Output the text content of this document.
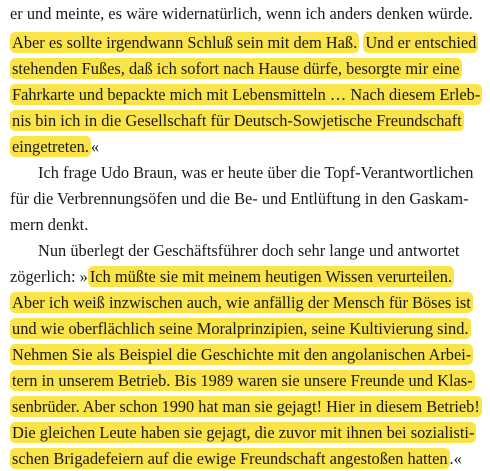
er und meinte, es wäre widernatürlich, wenn ich anders denken würde.
Aber es sollte irgendwann Schluß sein mit dem Haß. Und er entschied
stehenden Fußes, daß ich sofort nach Hause dürfe, besorgte mir eine
Fahrkarte und bepackte mich mit Lebensmitteln … Nach diesem Erleb-
nis bin ich in die Gesellschaft für Deutsch-Sowjetische Freundschaft
eingetreten. «
Ich frage Udo Braun, was er heute über die Topf-Verantwortlichen
für die Verbrennungsöfen und die Be- und Entlüftung in den Gaskam-
mern denkt.
Nun überlegt der Geschäftsführer doch sehr lange und antwortet
zögerlich: » Ich müßte sie mit meinem heutigen Wissen verurteilen.
Aber ich weiß inzwischen auch, wie anfällig der Mensch für Böses ist
und wie oberflächlich seine Moralprinzipien, seine Kultivierung sind.
Nehmen Sie als Beispiel die Geschichte mit den angolanischen Arbei-
tern in unserem Betrieb. Bis 1989 waren sie unsere Freunde und Klas-
senbrüder. Aber schon 1990 hat man sie gejagt! Hier in diesem Betrieb!
Die gleichen Leute haben sie gejagt, die zuvor mit ihnen bei sozialisti-
schen Brigadefeiern auf die ewige Freundschaft angestoßen hatten .«
